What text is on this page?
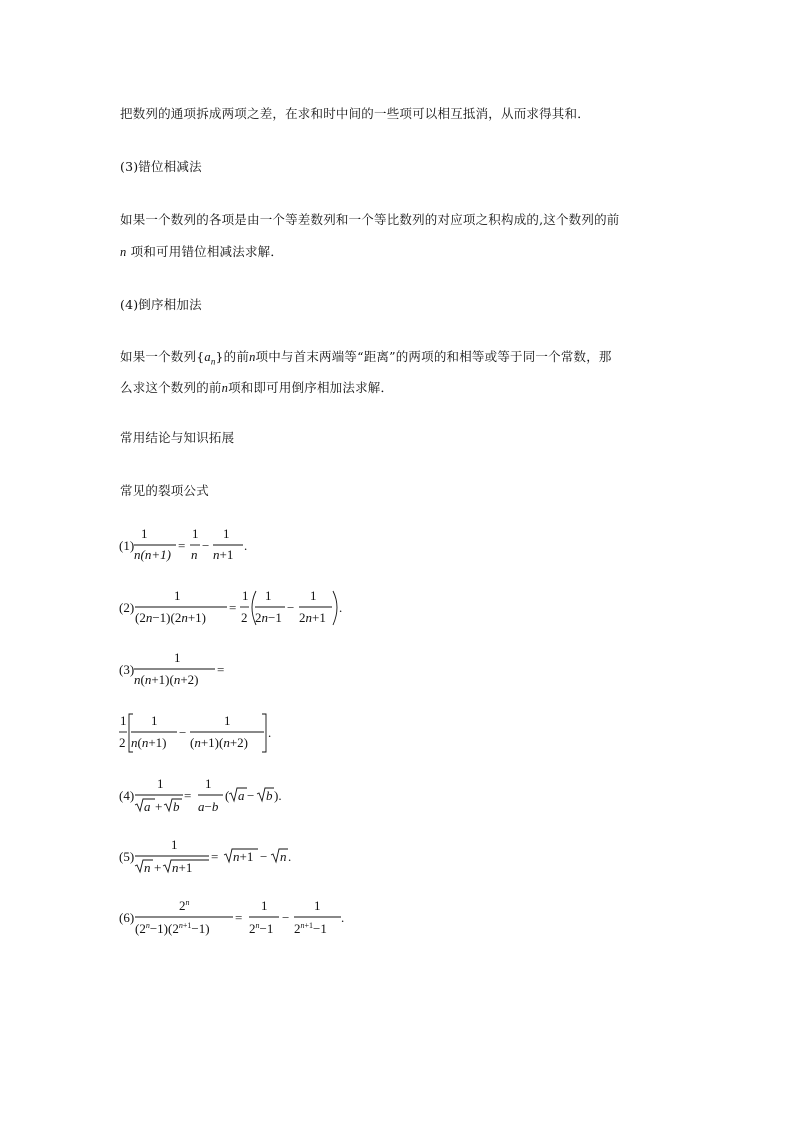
把数列的通项拆成两项之差，在求和时中间的一些项可以相互抵消，从而求得其和．
(3)错位相减法
如果一个数列的各项是由一个等差数列和一个等比数列的对应项之积构成的,这个数列的前
n 项和可用错位相减法求解．
(4)倒序相加法
如果一个数列$\{a_n\}$的前n项中与首末两端等“距离”的两项的和相等或等于同一个常数，那
么求这个数列的前n项和即可用倒序相加法求解．
常用结论与知识拓展
常见的裂项公式
(1)
1
n(n+1)
=
1
n
−
1
n+1
.
(2)
1
(2n−1)(2n+1)
=
1
2
1
2n−1
−
1
2n+1
.
(3)
1
n(n+1)(n+2)
=
1
2
1
n(n+1)
−
1
(n+1)(n+2)
.
(4)
1
a + b
=
1
a−b
( a − b ).
(5)
1
n + n+1
= n+1 − n .
(6)
2$^n$
$(2^n-1)(2^{n+1}-1)$
=
1
$2^n-1$
−
1
$2^{n+1}-1$
.
